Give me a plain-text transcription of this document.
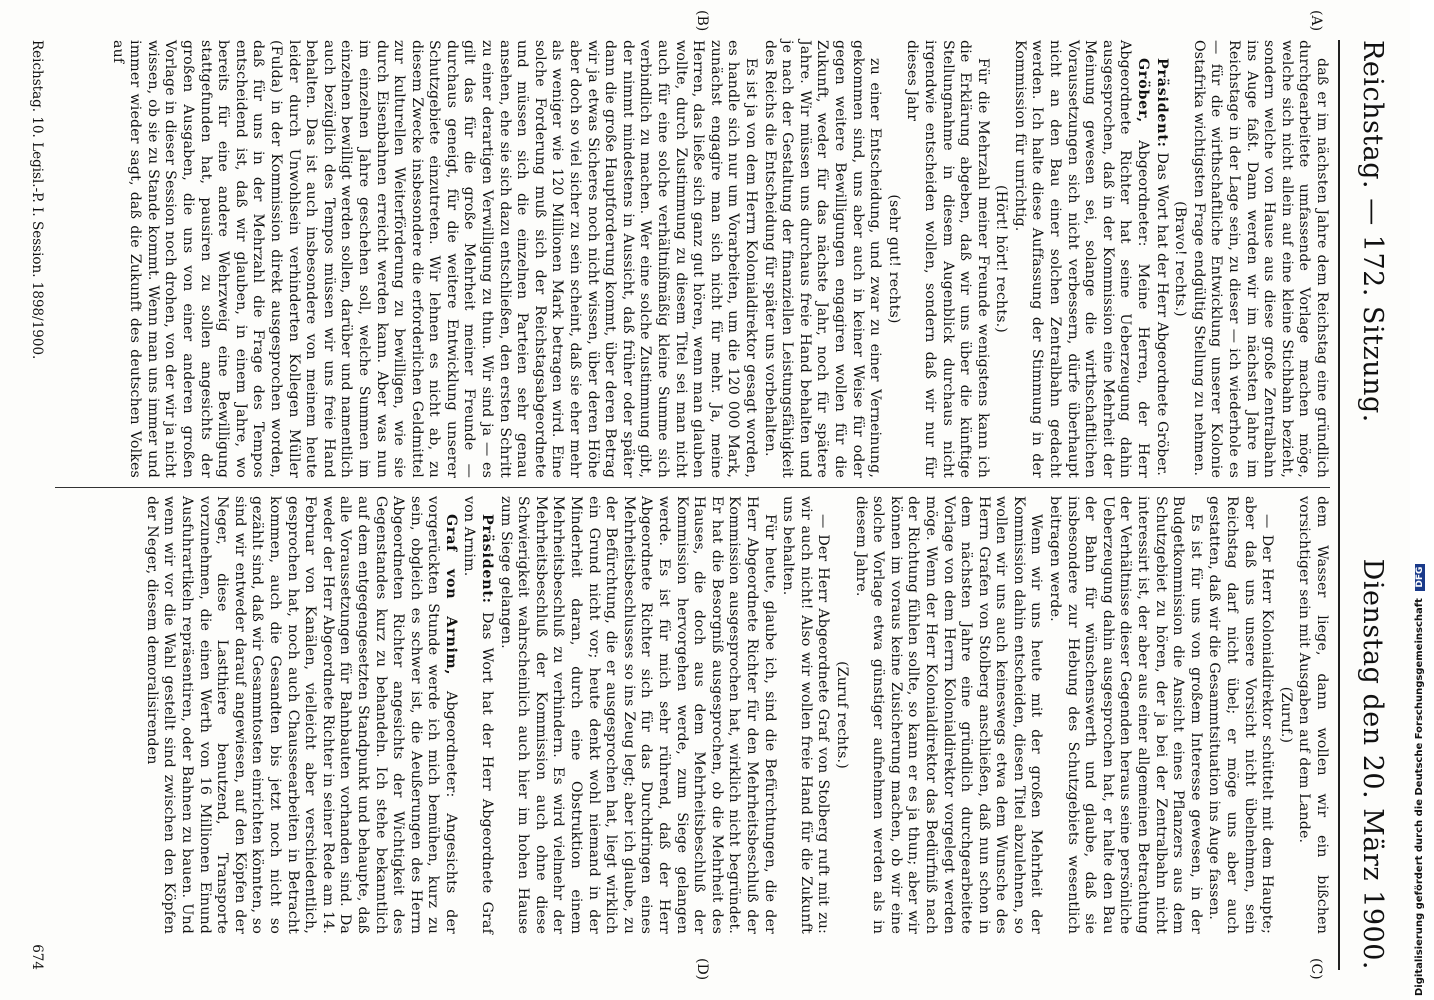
Reichstag. — 172. Sitzung.
Dienstag den 20. März 1900.
(A)
(B)
(C)
(D)

daß er im nächsten Jahre dem Reichstag eine gründlich durchgearbeitete umfassende Vorlage machen möge, welche sich nicht allein auf eine kleine Stichbahn bezieht, sondern welche von Hause aus diese große Zentralbahn ins Auge faßt. Dann werden wir im nächsten Jahre im Reichstage in der Lage sein, zu dieser — ich wiederhole es — für die wirthschaftliche Entwicklung unserer Kolonie Ostafrika wichtigsten Frage endgültig Stellung zu nehmen.

(Bravo! rechts.)

Präsident: Das Wort hat der Herr Abgeordnete Gröber.

Gröber, Abgeordneter: Meine Herren, der Herr Abgeordnete Richter hat seine Ueberzeugung dahin ausgesprochen, daß in der Kommission eine Mehrheit der Meinung gewesen sei, solange die wirthschaftlichen Voraussetzungen sich nicht verbessern, dürfe überhaupt nicht an den Bau einer solchen Zentralbahn gedacht werden. Ich halte diese Auffassung der Stimmung in der Kommission für unrichtig.

(Hört! hört! rechts.)

Für die Mehrzahl meiner Freunde wenigstens kann ich die Erklärung abgeben, daß wir uns über die künftige Stellungnahme in diesem Augenblick durchaus nicht irgendwie entscheiden wollen, sondern daß wir nur für dieses Jahr

(sehr gut! rechts)

zu einer Entscheidung, und zwar zu einer Verneinung, gekommen sind, uns aber auch in keiner Weise für oder gegen weitere Bewilligungen engagiren wollen für die Zukunft, weder für das nächste Jahr, noch für spätere Jahre. Wir müssen uns durchaus freie Hand behalten und je nach der Gestaltung der finanziellen Leistungsfähigkeit des Reichs die Entscheidung für später uns vorbehalten.

Es ist ja von dem Herrn Kolonialdirektor gesagt worden, es handle sich nur um Vorarbeiten, um die 120 000 Mark, zunächst engagire man sich nicht für mehr. Ja, meine Herren, das ließe sich ganz gut hören, wenn man glauben wollte, durch Zustimmung zu diesem Titel sei man nicht auch für eine solche verhältnißmäßig kleine Summe sich verbindlich zu machen. Wer eine solche Zustimmung gibt, der nimmt mindestens in Aussicht, daß früher oder später dann die große Hauptforderung kommt, über deren Betrag wir ja etwas Sicheres noch nicht wissen, über deren Höhe aber doch so viel sicher zu sein scheint, daß sie eher mehr als weniger wie 120 Millionen Mark betragen wird. Eine solche Forderung muß sich der Reichstagsabgeordnete und müssen sich die einzelnen Parteien sehr genau ansehen, ehe sie sich dazu entschließen, den ersten Schritt zu einer derartigen Verwilligung zu thun. Wir sind ja — es gilt das für die große Mehrheit meiner Freunde — durchaus geneigt, für die weitere Entwicklung unserer Schutzgebiete einzutreten. Wir lehnen es nicht ab, zu diesem Zwecke insbesondere die erforderlichen Geldmittel zur kulturellen Weiterförderung zu bewilligen, wie sie durch Eisenbahnen erreicht werden kann. Aber was nun im einzelnen Jahre geschehen soll, welche Summen im einzelnen bewilligt werden sollen, darüber und namentlich auch bezüglich des Tempos müssen wir uns freie Hand behalten. Das ist auch insbesondere von meinem heute leider durch Unwohlsein verhinderten Kollegen Müller (Fulda) in der Kommission direkt ausgesprochen worden, daß für uns in der Mehrzahl die Frage des Tempos entscheidend ist, daß wir glauben, in einem Jahre, wo bereits für eine andere Wehrzweig eine Bewilligung stattgefunden hat, pausiren zu sollen angesichts der großen Ausgaben, die uns von einer anderen großen Vorlage in dieser Session noch drohen, von der wir ja nicht wissen, ob sie zu Stande kommt. Wenn man uns immer und immer wieder sagt, daß die Zukunft des deutschen Volkes auf

dem Wasser liege, dann wollen wir ein bißchen vorsichtiger sein mit Ausgaben auf dem Lande.

(Zuruf.)

— Der Herr Kolonialdirektor schüttelt mit dem Haupte; aber daß uns unsere Vorsicht nicht übelnehmen, sein Reichstag darf nicht übel; er möge uns aber auch gestatten, daß wir die Gesammtsituation ins Auge fassen.

Es ist für uns von großem Interesse gewesen, in der Budgetkommission die Ansicht eines Pflanzers aus dem Schutzgebiet zu hören, der ja bei der Zentralbahn nicht interessirt ist, der aber aus einer allgemeinen Betrachtung der Verhältnisse dieser Gegenden heraus seine persönliche Ueberzeugung dahin ausgesprochen hat, er halte den Bau der Bahn für wünschenswerth und glaube, daß sie insbesondere zur Hebung des Schutzgebiets wesentlich beitragen werde.

Wenn wir uns heute mit der großen Mehrheit der Kommission dahin entscheiden, diesen Titel abzulehnen, so wollen wir uns auch keineswegs etwa dem Wunsche des Herrn Grafen von Stolberg anschließen, daß nun schon in dem nächsten Jahre eine gründlich durchgearbeitete Vorlage von dem Herrn Kolonialdirektor vorgelegt werden möge. Wenn der Herr Kolonialdirektor das Bedürfniß nach der Richtung fühlen sollte, so kann er es ja thun; aber wir können im voraus keine Zusicherung machen, ob wir eine solche Vorlage etwa günstiger aufnehmen werden als in diesem Jahre.

(Zuruf rechts.)

— Der Herr Abgeordnete Graf von Stolberg ruft mit zu: wir auch nicht! Also wir wollen freie Hand für die Zukunft uns behalten.

Für heute, glaube ich, sind die Befürchtungen, die der Herr Abgeordnete Richter für den Mehrheitsbeschluß der Kommission ausgesprochen hat, wirklich nicht begründet. Er hat die Besorgniß ausgesprochen, ob die Mehrheit des Hauses, die doch aus dem Mehrheitsbeschluß der Kommission hervorgehen werde, zum Siege gelangen werde. Es ist für mich sehr rührend, daß der Herr Abgeordnete Richter sich für das Durchdringen eines Mehrheitsbeschlusses so ins Zeug legt; aber ich glaube, zu der Befürchtung, die er ausgesprochen hat, liegt wirklich ein Grund nicht vor; heute denkt wohl niemand in der Minderheit daran, durch eine Obstruktion einem Mehrheitsbeschluß zu verhindern. Es wird vielmehr der Mehrheitsbeschluß der Kommission auch ohne diese Schwierigkeit wahrscheinlich auch hier im hohen Hause zum Siege gelangen.

Präsident: Das Wort hat der Herr Abgeordnete Graf von Arnim.

Graf von Arnim, Abgeordneter: Angesichts der vorgerückten Stunde werde ich mich bemühen, kurz zu sein, obgleich es schwer ist, die Aeußerungen des Herrn Abgeordneten Richter angesichts der Wichtigkeit des Gegenstandes kurz zu behandeln. Ich stehe bekanntlich auf dem entgegengesetzten Standpunkt und behaupte, daß alle Voraussetzungen für Bahnbauten vorhanden sind. Da weder der Herr Abgeordnete Richter in seiner Rede am 14. Februar von Kanälen, vielleicht aber verschiedentlich, gesprochen hat, noch auch Chausseearbeiten in Betracht kommen, auch die Gesandten bis jetzt noch nicht so gezählt sind, daß wir Gesammtosten einrichten könnten, so sind wir entweder darauf angewiesen, auf den Köpfen der Neger, diese Lastthiere benutzend, Transporte vorzunehmen, die einen Werth von 16 Millionen Einund Ausfuhrartikeln repräsentiren, oder Bahnen zu bauen. Und wenn wir vor die Wahl gestellt sind zwischen den Köpfen der Neger, diesem demoralisirenden

Reichstag. 10. Legisl.-P. I. Session. 1898/1900.
674	Digitalisierung gefördert durch die Deutsche Forschungsgemeinschaft DFG
